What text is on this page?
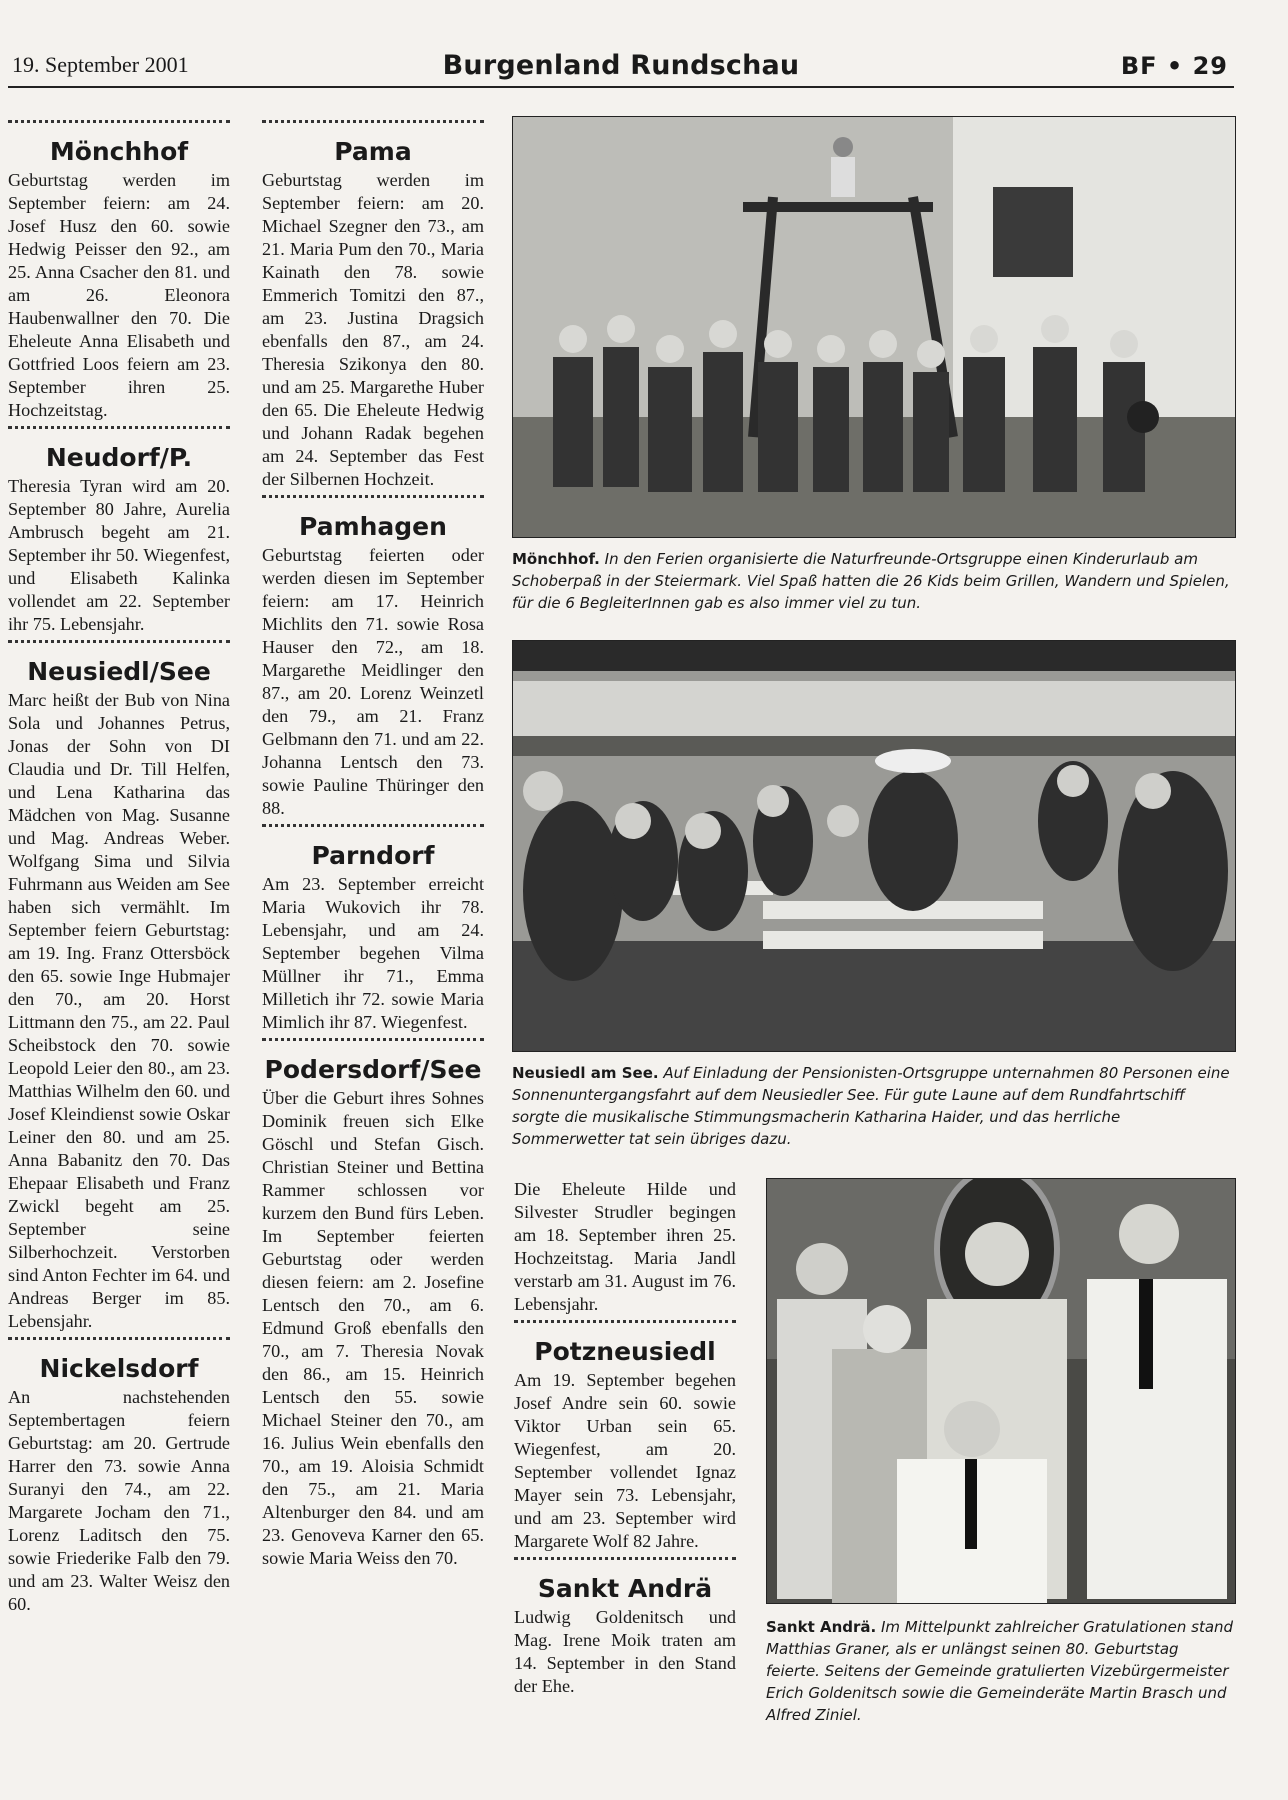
19. September 2001	Burgenland Rundschau	BF • 29
Mönchhof

Geburtstag werden im September feiern: am 24. Josef Husz den 60. sowie Hedwig Peisser den 92., am 25. Anna Csacher den 81. und am 26. Eleonora Haubenwallner den 70. Die Eheleute Anna Elisabeth und Gottfried Loos feiern am 23. September ihren 25. Hochzeitstag.

Neudorf/P.

Theresia Tyran wird am 20. September 80 Jahre, Aurelia Ambrusch begeht am 21. September ihr 50. Wiegenfest, und Elisabeth Kalinka vollendet am 22. September ihr 75. Lebensjahr.

Neusiedl/See

Marc heißt der Bub von Nina Sola und Johannes Petrus, Jonas der Sohn von DI Claudia und Dr. Till Helfen, und Lena Katharina das Mädchen von Mag. Susanne und Mag. Andreas Weber. Wolfgang Sima und Silvia Fuhrmann aus Weiden am See haben sich vermählt. Im September feiern Geburtstag: am 19. Ing. Franz Ottersböck den 65. sowie Inge Hubmajer den 70., am 20. Horst Littmann den 75., am 22. Paul Scheibstock den 70. sowie Leopold Leier den 80., am 23. Matthias Wilhelm den 60. und Josef Kleindienst sowie Oskar Leiner den 80. und am 25. Anna Babanitz den 70. Das Ehepaar Elisabeth und Franz Zwickl begeht am 25. September seine Silberhochzeit. Verstorben sind Anton Fechter im 64. und Andreas Berger im 85. Lebensjahr.

Nickelsdorf

An nachstehenden Septembertagen feiern Geburtstag: am 20. Gertrude Harrer den 73. sowie Anna Suranyi den 74., am 22. Margarete Jocham den 71., Lorenz Laditsch den 75. sowie Friederike Falb den 79. und am 23. Walter Weisz den 60.

Pama

Geburtstag werden im September feiern: am 20. Michael Szegner den 73., am 21. Maria Pum den 70., Maria Kainath den 78. sowie Emmerich Tomitzi den 87., am 23. Justina Dragsich ebenfalls den 87., am 24. Theresia Szikonya den 80. und am 25. Margarethe Huber den 65. Die Eheleute Hedwig und Johann Radak begehen am 24. September das Fest der Silbernen Hochzeit.

Pamhagen

Geburtstag feierten oder werden diesen im September feiern: am 17. Heinrich Michlits den 71. sowie Rosa Hauser den 72., am 18. Margarethe Meidlinger den 87., am 20. Lorenz Weinzetl den 79., am 21. Franz Gelbmann den 71. und am 22. Johanna Lentsch den 73. sowie Pauline Thüringer den 88.

Parndorf

Am 23. September erreicht Maria Wukovich ihr 78. Lebensjahr, und am 24. September begehen Vilma Müllner ihr 71., Emma Milletich ihr 72. sowie Maria Mimlich ihr 87. Wiegenfest.

Podersdorf/See

Über die Geburt ihres Sohnes Dominik freuen sich Elke Göschl und Stefan Gisch. Christian Steiner und Bettina Rammer schlossen vor kurzem den Bund fürs Leben. Im September feierten Geburtstag oder werden diesen feiern: am 2. Josefine Lentsch den 70., am 6. Edmund Groß ebenfalls den 70., am 7. Theresia Novak den 86., am 15. Heinrich Lentsch den 55. sowie Michael Steiner den 70., am 16. Julius Wein ebenfalls den 70., am 19. Aloisia Schmidt den 75., am 21. Maria Altenburger den 84. und am 23. Genoveva Karner den 65. sowie Maria Weiss den 70.

Mönchhof. In den Ferien organisierte die Naturfreunde-Ortsgruppe einen Kinderurlaub am Schoberpaß in der Steiermark. Viel Spaß hatten die 26 Kids beim Grillen, Wandern und Spielen, für die 6 BegleiterInnen gab es also immer viel zu tun.
Neusiedl am See. Auf Einladung der Pensionisten-Ortsgruppe unternahmen 80 Personen eine Sonnenuntergangsfahrt auf dem Neusiedler See. Für gute Laune auf dem Rundfahrtschiff sorgte die musikalische Stimmungsmacherin Katharina Haider, und das herrliche Sommerwetter tat sein übriges dazu.

Die Eheleute Hilde und Silvester Strudler begingen am 18. September ihren 25. Hochzeitstag. Maria Jandl verstarb am 31. August im 76. Lebensjahr.

Potzneusiedl

Am 19. September begehen Josef Andre sein 60. sowie Viktor Urban sein 65. Wiegenfest, am 20. September vollendet Ignaz Mayer sein 73. Lebensjahr, und am 23. September wird Margarete Wolf 82 Jahre.

Sankt Andrä

Ludwig Goldenitsch und Mag. Irene Moik traten am 14. September in den Stand der Ehe.

Sankt Andrä. Im Mittelpunkt zahlreicher Gratulationen stand Matthias Graner, als er unlängst seinen 80. Geburtstag feierte. Seitens der Gemeinde gratulierten Vizebürgermeister Erich Goldenitsch sowie die Gemeinderäte Martin Brasch und Alfred Ziniel.
